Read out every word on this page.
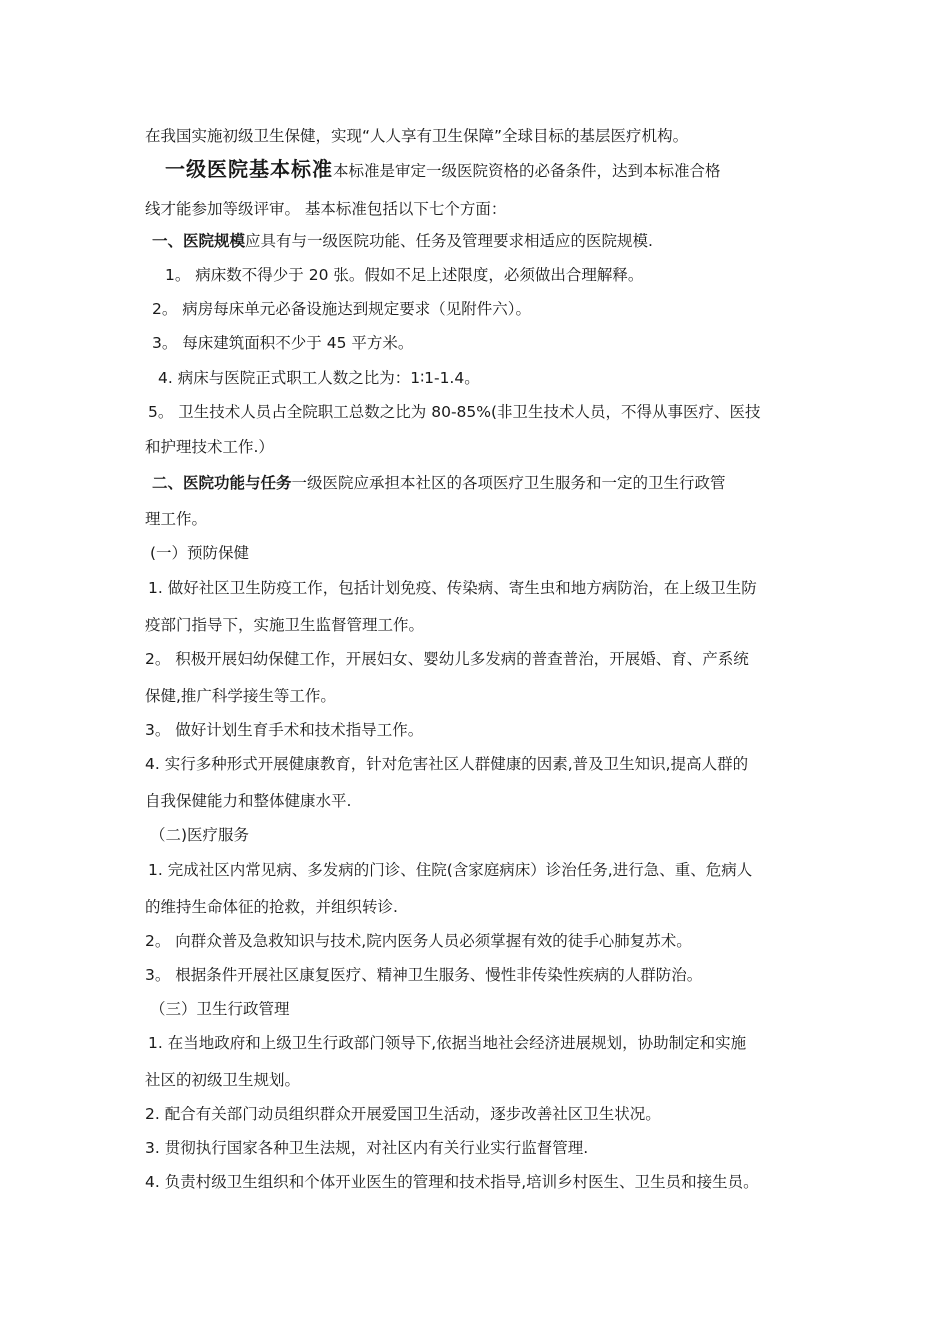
在我国实施初级卫生保健，实现“人人享有卫生保障”全球目标的基层医疗机构。
一级医院基本标准本标准是审定一级医院资格的必备条件，达到本标准合格
线才能参加等级评审。 基本标准包括以下七个方面：
一、医院规模应具有与一级医院功能、任务及管理要求相适应的医院规模.
1。 病床数不得少于 20 张。假如不足上述限度，必须做出合理解释。
2。 病房每床单元必备设施达到规定要求（见附件六）。
3。 每床建筑面积不少于 45 平方米。
4. 病床与医院正式职工人数之比为：1∶1-1.4。
5。 卫生技术人员占全院职工总数之比为 80-85%(非卫生技术人员，不得从事医疗、医技
和护理技术工作.）
二、医院功能与任务一级医院应承担本社区的各项医疗卫生服务和一定的卫生行政管
理工作。
(一）预防保健
1. 做好社区卫生防疫工作，包括计划免疫、传染病、寄生虫和地方病防治，在上级卫生防
疫部门指导下，实施卫生监督管理工作。
2。 积极开展妇幼保健工作，开展妇女、婴幼儿多发病的普查普治，开展婚、育、产系统
保健,推广科学接生等工作。
3。 做好计划生育手术和技术指导工作。
4. 实行多种形式开展健康教育，针对危害社区人群健康的因素,普及卫生知识,提高人群的
自我保健能力和整体健康水平.
（二)医疗服务
1. 完成社区内常见病、多发病的门诊、住院(含家庭病床）诊治任务,进行急、重、危病人
的维持生命体征的抢救，并组织转诊.
2。 向群众普及急救知识与技术,院内医务人员必须掌握有效的徒手心肺复苏术。
3。 根据条件开展社区康复医疗、精神卫生服务、慢性非传染性疾病的人群防治。
（三）卫生行政管理
1. 在当地政府和上级卫生行政部门领导下,依据当地社会经济进展规划，协助制定和实施
社区的初级卫生规划。
2. 配合有关部门动员组织群众开展爱国卫生活动，逐步改善社区卫生状况。
3. 贯彻执行国家各种卫生法规，对社区内有关行业实行监督管理.
4. 负责村级卫生组织和个体开业医生的管理和技术指导,培训乡村医生、卫生员和接生员。
